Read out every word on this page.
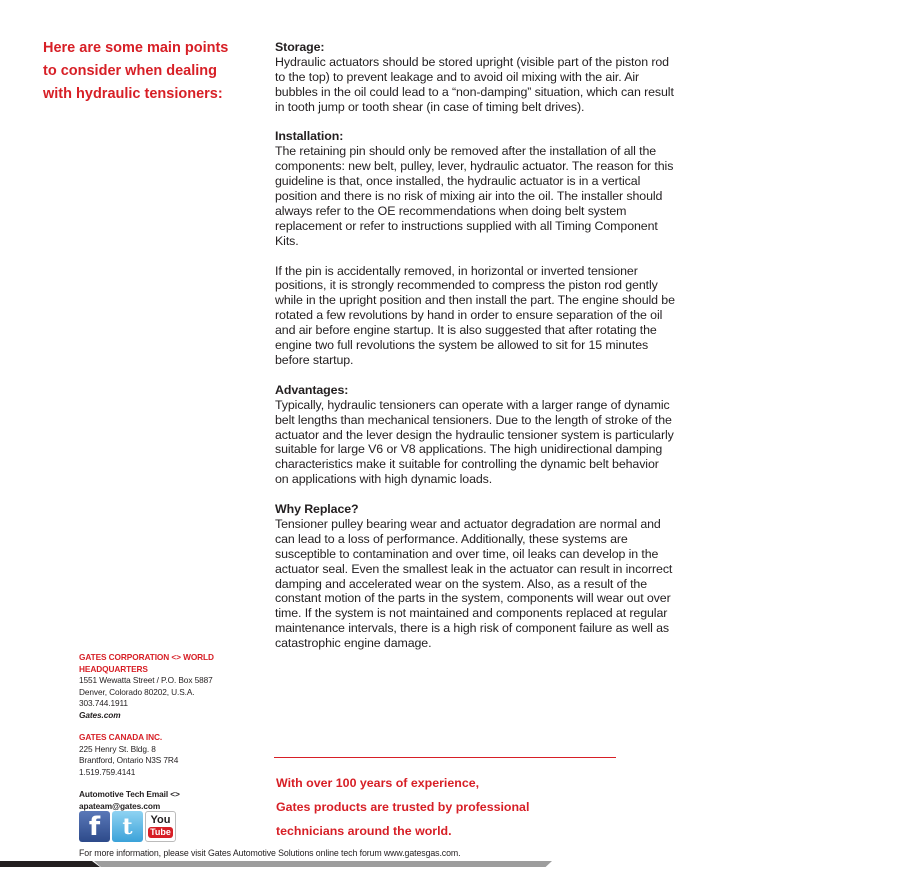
Here are some main points
to consider when dealing
with hydraulic tensioners:
Storage:

Hydraulic actuators should be stored upright (visible part of the piston rod to the top) to prevent leakage and to avoid oil mixing with the air. Air bubbles in the oil could lead to a “non-damping” situation, which can result in tooth jump or tooth shear (in case of timing belt drives).

Installation:

The retaining pin should only be removed after the installation of all the components: new belt, pulley, lever, hydraulic actuator. The reason for this guideline is that, once installed, the hydraulic actuator is in a vertical position and there is no risk of mixing air into the oil. The installer should always refer to the OE recommendations when doing belt system replacement or refer to instructions supplied with all Timing Component Kits.

If the pin is accidentally removed, in horizontal or inverted tensioner positions, it is strongly recommended to compress the piston rod gently while in the upright position and then install the part. The engine should be rotated a few revolutions by hand in order to ensure separation of the oil and air before engine startup. It is also suggested that after rotating the engine two full revolutions the system be allowed to sit for 15 minutes before startup.

Advantages:

Typically, hydraulic tensioners can operate with a larger range of dynamic belt lengths than mechanical tensioners. Due to the length of stroke of the actuator and the lever design the hydraulic tensioner system is particularly suitable for large V6 or V8 applications. The high unidirectional damping characteristics make it suitable for controlling the dynamic belt behavior on applications with high dynamic loads.

Why Replace?

Tensioner pulley bearing wear and actuator degradation are normal and can lead to a loss of performance. Additionally, these systems are susceptible to contamination and over time, oil leaks can develop in the actuator seal. Even the smallest leak in the actuator can result in incorrect damping and accelerated wear on the system. Also, as a result of the constant motion of the parts in the system, components will wear out over time. If the system is not maintained and components replaced at regular maintenance intervals, there is a high risk of component failure as well as catastrophic engine damage.

GATES CORPORATION <> WORLD HEADQUARTERS
1551 Wewatta Street / P.O. Box 5887
Denver, Colorado 80202, U.S.A.
303.744.1911
Gates.com
GATES CANADA INC.
225 Henry St. Bldg. 8
Brantford, Ontario N3S 7R4
1.519.759.4141
Automotive Tech Email <>
apateam@gates.com
f t You
Tube
With over 100 years of experience,
Gates products are trusted by professional
technicians around the world.
For more information, please visit Gates Automotive Solutions online tech forum www.gatesgas.com.
